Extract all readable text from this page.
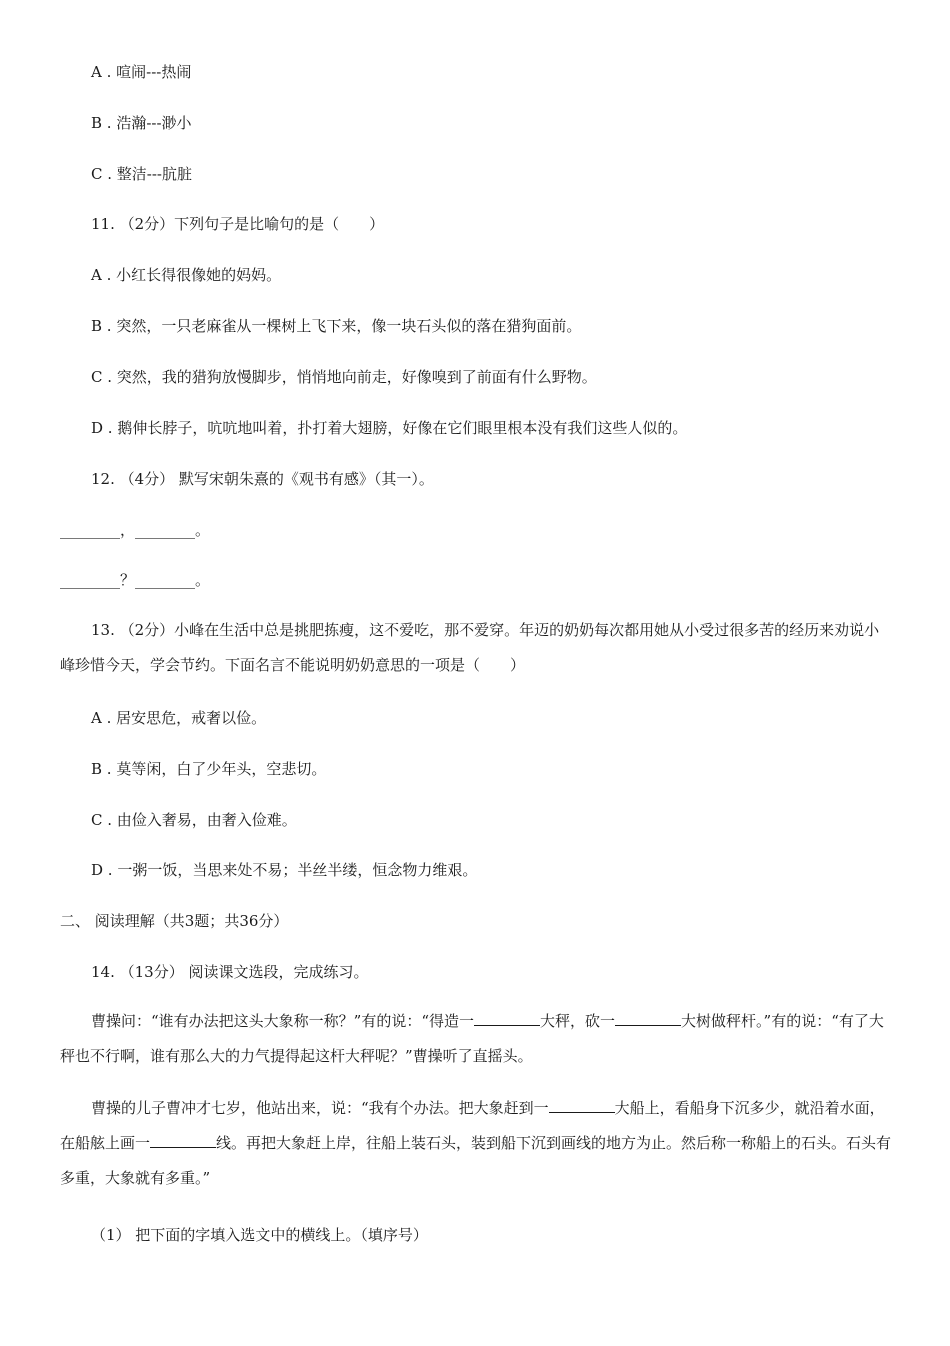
A . 喧闹---热闹
B . 浩瀚---渺小
C . 整洁---肮脏
11. （2分）下列句子是比喻句的是（　　）
A . 小红长得很像她的妈妈。
B . 突然，一只老麻雀从一棵树上飞下来，像一块石头似的落在猎狗面前。
C . 突然，我的猎狗放慢脚步，悄悄地向前走，好像嗅到了前面有什么野物。
D . 鹅伸长脖子，吭吭地叫着，扑打着大翅膀，好像在它们眼里根本没有我们这些人似的。
12. （4分） 默写宋朝朱熹的《观书有感》（其一）。
________，________。
________？________。
13. （2分）小峰在生活中总是挑肥拣瘦，这不爱吃，那不爱穿。年迈的奶奶每次都用她从小受过很多苦的经历来劝说小峰珍惜今天，学会节约。下面名言不能说明奶奶意思的一项是（　　）
A . 居安思危，戒奢以俭。
B . 莫等闲，白了少年头，空悲切。
C . 由俭入奢易，由奢入俭难。
D . 一粥一饭，当思来处不易；半丝半缕，恒念物力维艰。
二、 阅读理解（共3题；共36分）
14. （13分） 阅读课文选段，完成练习。
曹操问：“谁有办法把这头大象称一称？”有的说：“得造一	大秤，砍一	大树做秤杆。”有的说：“有了大秤也不行啊，谁有那么大的力气提得起这杆大秤呢？”曹操听了直摇头。
曹操的儿子曹冲才七岁，他站出来，说：“我有个办法。把大象赶到一	大船上，看船身下沉多少，就沿着水面，在船舷上画一	线。再把大象赶上岸，往船上装石头，装到船下沉到画线的地方为止。然后称一称船上的石头。石头有多重，大象就有多重。”
（1） 把下面的字填入选文中的横线上。（填序号）
